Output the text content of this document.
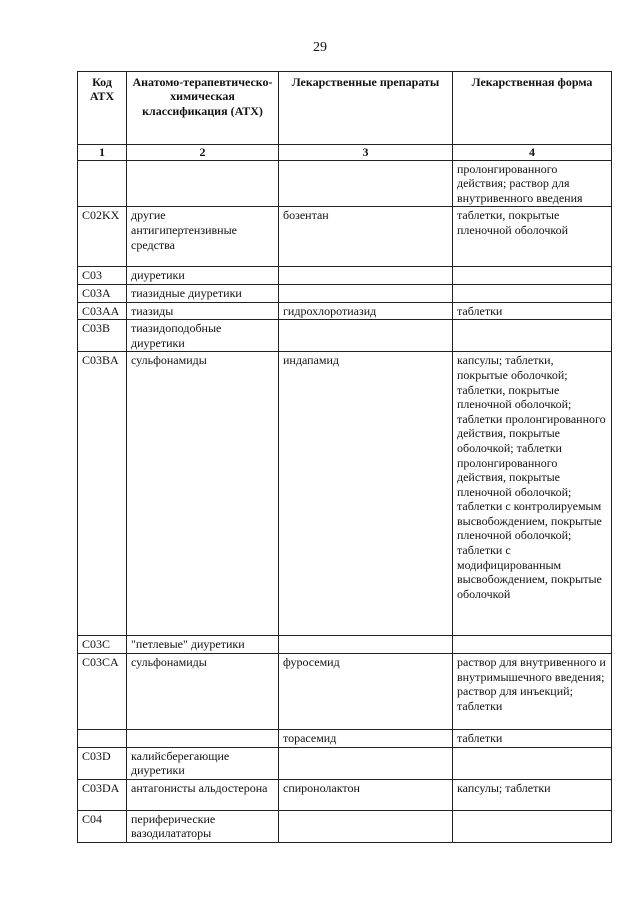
29
Код АТХ	Анатомо-терапевтическо-химическая классификация (АТХ)	Лекарственные препараты	Лекарственная форма
1	2	3	4
			пролонгированного действия; раствор для внутривенного введения
C02KX	другие антигипертензивные средства	бозентан	таблетки, покрытые пленочной оболочкой
C03	диуретики		
C03A	тиазидные диуретики		
C03AA	тиазиды	гидрохлоротиазид	таблетки
C03B	тиазидоподобные диуретики		
C03BA	сульфонамиды	индапамид	капсулы; таблетки, покрытые оболочкой; таблетки, покрытые пленочной оболочкой; таблетки пролонгированного действия, покрытые оболочкой; таблетки пролонгированного действия, покрытые пленочной оболочкой; таблетки с контролируемым высвобождением, покрытые пленочной оболочкой; таблетки с модифицированным высвобождением, покрытые оболочкой
C03C	"петлевые" диуретики		
C03CA	сульфонамиды	фуросемид	раствор для внутривенного и внутримышечного введения; раствор для инъекций; таблетки
		торасемид	таблетки
C03D	калийсберегающие диуретики		
C03DA	антагонисты альдостерона	спиронолактон	капсулы; таблетки
C04	периферические вазодилататоры		
